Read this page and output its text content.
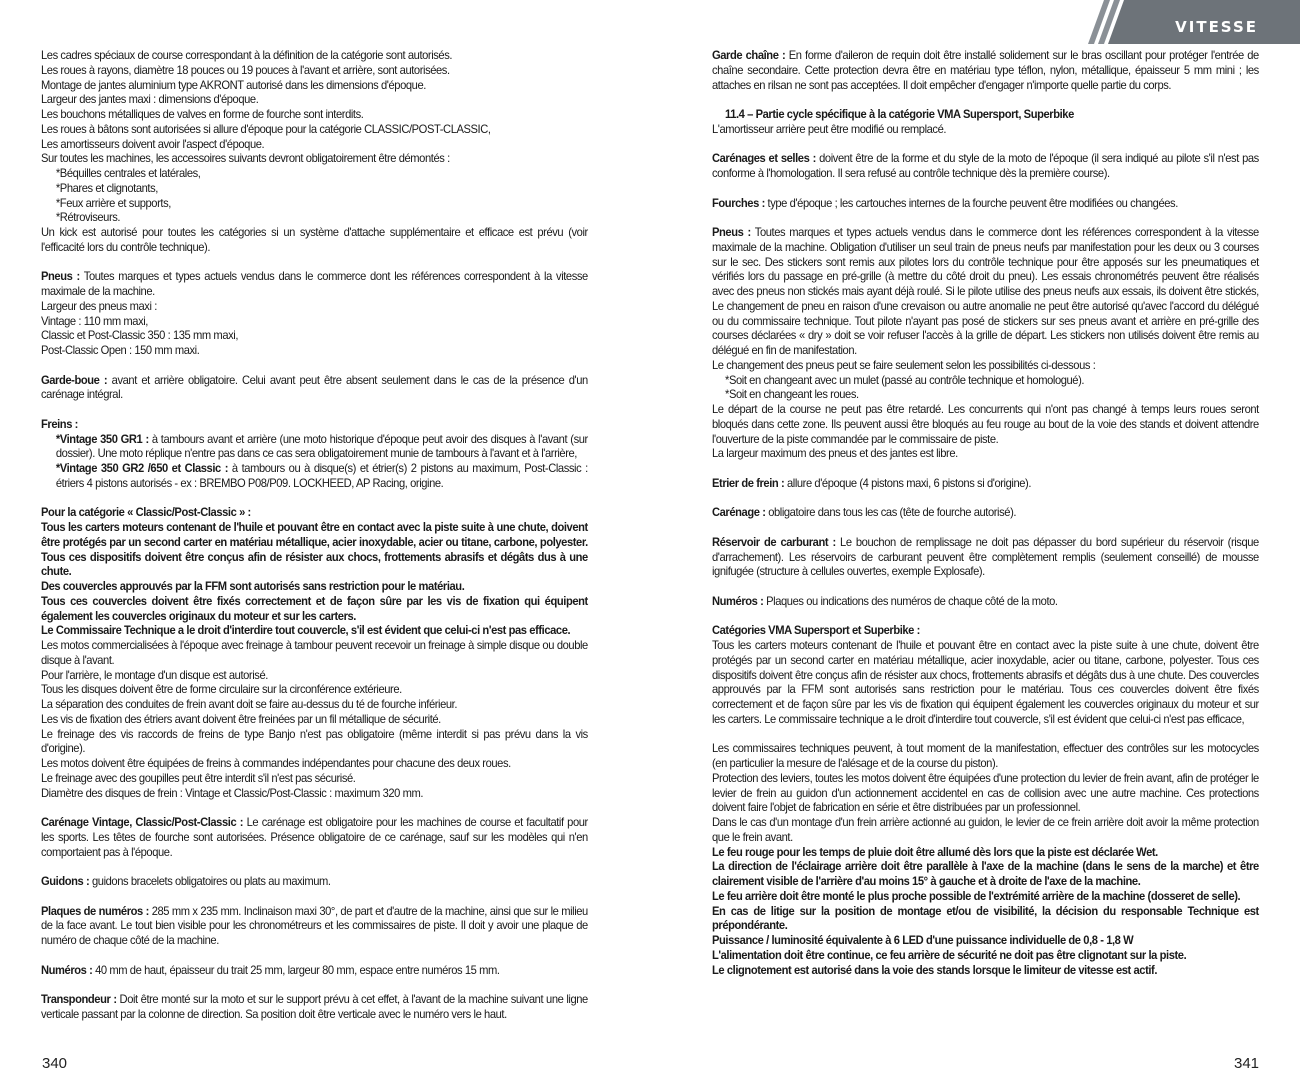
VITESSE

Les cadres spéciaux de course correspondant à la définition de la catégorie sont autorisés.

Les roues à rayons, diamètre 18 pouces ou 19 pouces à l'avant et arrière, sont autorisées.

Montage de jantes aluminium type AKRONT autorisé dans les dimensions d'époque.

Largeur des jantes maxi : dimensions d'époque.

Les bouchons métalliques de valves en forme de fourche sont interdits.

Les roues à bâtons sont autorisées si allure d'époque pour la catégorie CLASSIC/POST-CLASSIC,

Les amortisseurs doivent avoir l'aspect d'époque.

Sur toutes les machines, les accessoires suivants devront obligatoirement être démontés :

*Béquilles centrales et latérales,

*Phares et clignotants,

*Feux arrière et supports,

*Rétroviseurs.

Un kick est autorisé pour toutes les catégories si un système d'attache supplémentaire et efficace est prévu (voir l'efficacité lors du contrôle technique).

Pneus : Toutes marques et types actuels vendus dans le commerce dont les références correspondent à la vitesse maximale de la machine.

Largeur des pneus maxi :

Vintage : 110 mm maxi,

Classic et Post-Classic 350 : 135 mm maxi,

Post-Classic Open : 150 mm maxi.

Garde-boue : avant et arrière obligatoire. Celui avant peut être absent seulement dans le cas de la présence d'un carénage intégral.

Freins :

*Vintage 350 GR1 : à tambours avant et arrière (une moto historique d'époque peut avoir des disques à l'avant (sur dossier). Une moto réplique n'entre pas dans ce cas sera obligatoirement munie de tambours à l'avant et à l'arrière,

*Vintage 350 GR2 /650 et Classic : à tambours ou à disque(s) et étrier(s) 2 pistons au maximum, Post-Classic : étriers 4 pistons autorisés - ex : BREMBO P08/P09. LOCKHEED, AP Racing, origine.

Pour la catégorie « Classic/Post-Classic » :

Tous les carters moteurs contenant de l'huile et pouvant être en contact avec la piste suite à une chute, doivent être protégés par un second carter en matériau métallique, acier inoxydable, acier ou titane, carbone, polyester. Tous ces dispositifs doivent être conçus afin de résister aux chocs, frottements abrasifs et dégâts dus à une chute.

Des couvercles approuvés par la FFM sont autorisés sans restriction pour le matériau.

Tous ces couvercles doivent être fixés correctement et de façon sûre par les vis de fixation qui équipent également les couvercles originaux du moteur et sur les carters.

Le Commissaire Technique a le droit d'interdire tout couvercle, s'il est évident que celui-ci n'est pas efficace.

Les motos commercialisées à l'époque avec freinage à tambour peuvent recevoir un freinage à simple disque ou double disque à l'avant.

Pour l'arrière, le montage d'un disque est autorisé.

Tous les disques doivent être de forme circulaire sur la circonférence extérieure.

La séparation des conduites de frein avant doit se faire au-dessus du té de fourche inférieur.

Les vis de fixation des étriers avant doivent être freinées par un fil métallique de sécurité.

Le freinage des vis raccords de freins de type Banjo n'est pas obligatoire (même interdit si pas prévu dans la vis d'origine).

Les motos doivent être équipées de freins à commandes indépendantes pour chacune des deux roues.

Le freinage avec des goupilles peut être interdit s'il n'est pas sécurisé.

Diamètre des disques de frein : Vintage et Classic/Post-Classic : maximum 320 mm.

Carénage Vintage, Classic/Post-Classic : Le carénage est obligatoire pour les machines de course et facultatif pour les sports. Les têtes de fourche sont autorisées. Présence obligatoire de ce carénage, sauf sur les modèles qui n'en comportaient pas à l'époque.

Guidons : guidons bracelets obligatoires ou plats au maximum.

Plaques de numéros : 285 mm x 235 mm. Inclinaison maxi 30°, de part et d'autre de la machine, ainsi que sur le milieu de la face avant. Le tout bien visible pour les chronométreurs et les commissaires de piste. Il doit y avoir une plaque de numéro de chaque côté de la machine.

Numéros : 40 mm de haut, épaisseur du trait 25 mm, largeur 80 mm, espace entre numéros 15 mm.

Transpondeur : Doit être monté sur la moto et sur le support prévu à cet effet, à l'avant de la machine suivant une ligne verticale passant par la colonne de direction. Sa position doit être verticale avec le numéro vers le haut.

Garde chaîne : En forme d'aileron de requin doit être installé solidement sur le bras oscillant pour protéger l'entrée de chaîne secondaire. Cette protection devra être en matériau type téflon, nylon, métallique, épaisseur 5 mm mini ; les attaches en rilsan ne sont pas acceptées. Il doit empêcher d'engager n'importe quelle partie du corps.

11.4 – Partie cycle spécifique à la catégorie VMA Supersport, Superbike

L'amortisseur arrière peut être modifié ou remplacé.

Carénages et selles : doivent être de la forme et du style de la moto de l'époque (il sera indiqué au pilote s'il n'est pas conforme à l'homologation. Il sera refusé au contrôle technique dès la première course).

Fourches : type d'époque ; les cartouches internes de la fourche peuvent être modifiées ou changées.

Pneus : Toutes marques et types actuels vendus dans le commerce dont les références correspondent à la vitesse maximale de la machine. Obligation d'utiliser un seul train de pneus neufs par manifestation pour les deux ou 3 courses sur le sec. Des stickers sont remis aux pilotes lors du contrôle technique pour être apposés sur les pneumatiques et vérifiés lors du passage en pré-grille (à mettre du côté droit du pneu). Les essais chronométrés peuvent être réalisés avec des pneus non stickés mais ayant déjà roulé. Si le pilote utilise des pneus neufs aux essais, ils doivent être stickés, Le changement de pneu en raison d'une crevaison ou autre anomalie ne peut être autorisé qu'avec l'accord du délégué ou du commissaire technique. Tout pilote n'ayant pas posé de stickers sur ses pneus avant et arrière en pré-grille des courses déclarées « dry » doit se voir refuser l'accès à la grille de départ. Les stickers non utilisés doivent être remis au délégué en fin de manifestation.

Le changement des pneus peut se faire seulement selon les possibilités ci-dessous :

*Soit en changeant avec un mulet (passé au contrôle technique et homologué).

*Soit en changeant les roues.

Le départ de la course ne peut pas être retardé. Les concurrents qui n'ont pas changé à temps leurs roues seront bloqués dans cette zone. Ils peuvent aussi être bloqués au feu rouge au bout de la voie des stands et doivent attendre l'ouverture de la piste commandée par le commissaire de piste.

La largeur maximum des pneus et des jantes est libre.

Etrier de frein : allure d'époque (4 pistons maxi, 6 pistons si d'origine).

Carénage : obligatoire dans tous les cas (tête de fourche autorisé).

Réservoir de carburant : Le bouchon de remplissage ne doit pas dépasser du bord supérieur du réservoir (risque d'arrachement). Les réservoirs de carburant peuvent être complètement remplis (seulement conseillé) de mousse ignifugée (structure à cellules ouvertes, exemple Explosafe).

Numéros : Plaques ou indications des numéros de chaque côté de la moto.

Catégories VMA Supersport et Superbike :

Tous les carters moteurs contenant de l'huile et pouvant être en contact avec la piste suite à une chute, doivent être protégés par un second carter en matériau métallique, acier inoxydable, acier ou titane, carbone, polyester. Tous ces dispositifs doivent être conçus afin de résister aux chocs, frottements abrasifs et dégâts dus à une chute. Des couvercles approuvés par la FFM sont autorisés sans restriction pour le matériau. Tous ces couvercles doivent être fixés correctement et de façon sûre par les vis de fixation qui équipent également les couvercles originaux du moteur et sur les carters. Le commissaire technique a le droit d'interdire tout couvercle, s'il est évident que celui-ci n'est pas efficace,

Les commissaires techniques peuvent, à tout moment de la manifestation, effectuer des contrôles sur les motocycles (en particulier la mesure de l'alésage et de la course du piston).

Protection des leviers, toutes les motos doivent être équipées d'une protection du levier de frein avant, afin de protéger le levier de frein au guidon d'un actionnement accidentel en cas de collision avec une autre machine. Ces protections doivent faire l'objet de fabrication en série et être distribuées par un professionnel.

Dans le cas d'un montage d'un frein arrière actionné au guidon, le levier de ce frein arrière doit avoir la même protection que le frein avant.

Le feu rouge pour les temps de pluie doit être allumé dès lors que la piste est déclarée Wet.

La direction de l'éclairage arrière doit être parallèle à l'axe de la machine (dans le sens de la marche) et être clairement visible de l'arrière d'au moins 15° à gauche et à droite de l'axe de la machine.

Le feu arrière doit être monté le plus proche possible de l'extrémité arrière de la machine (dosseret de selle).

En cas de litige sur la position de montage et/ou de visibilité, la décision du responsable Technique est prépondérante.

Puissance / luminosité équivalente à 6 LED d'une puissance individuelle de 0,8 - 1,8 W

L'alimentation doit être continue, ce feu arrière de sécurité ne doit pas être clignotant sur la piste.

Le clignotement est autorisé dans la voie des stands lorsque le limiteur de vitesse est actif.

340	341
